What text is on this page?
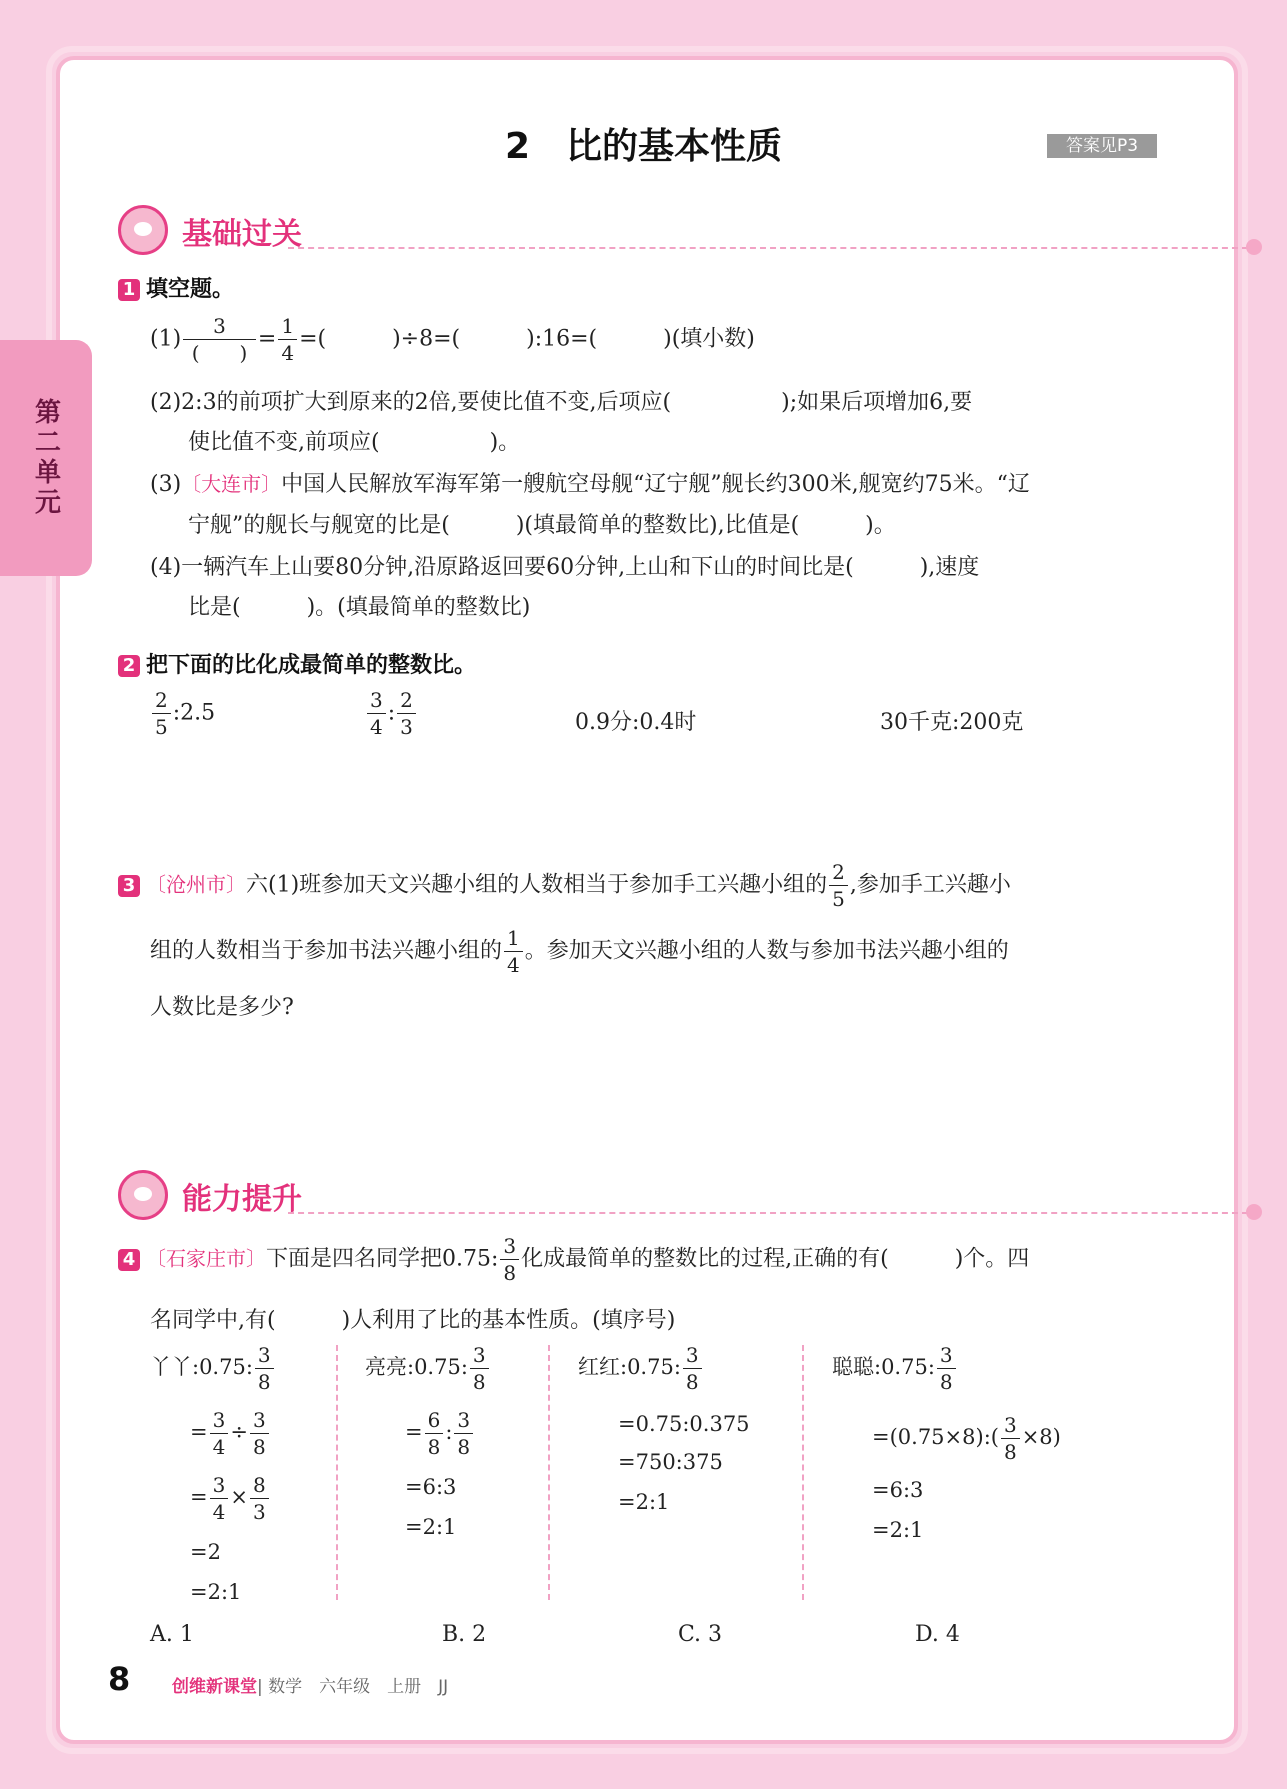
第二单元
2　比的基本性质	答案见P3
基础过关
1 填空题。
$(1) \frac{3}{( )} = \frac{1}{4}$ =(　　　)÷8=(　　　):16=(　　　)(填小数)
(2)2:3的前项扩大到原来的2倍,要使比值不变,后项应(　　　　　);如果后项增加6,要
使比值不变,前项应(　　　　　)。
(3)〔大连市〕中国人民解放军海军第一艘航空母舰“辽宁舰”舰长约300米,舰宽约75米。“辽
宁舰”的舰长与舰宽的比是(　　　)(填最简单的整数比),比值是(　　　)。
(4)一辆汽车上山要80分钟,沿原路返回要60分钟,上山和下山的时间比是(　　　),速度
比是(　　　)。(填最简单的整数比)
2 把下面的比化成最简单的整数比。
$\frac{2}{5}$ :2.5	$\frac{3}{4}$ : $\frac{2}{3}$	0.9分:0.4时	30千克:200克
3 〔沧州市〕六(1)班参加天文兴趣小组的人数相当于参加手工兴趣小组的 $\frac{2}{5}$ ,参加手工兴趣小
组的人数相当于参加书法兴趣小组的 $\frac{1}{4}$ 。参加天文兴趣小组的人数与参加书法兴趣小组的
人数比是多少?
能力提升
4 〔石家庄市〕下面是四名同学把0.75: $\frac{3}{8}$ 化成最简单的整数比的过程,正确的有(　　　)个。四
名同学中,有(　　　)人利用了比的基本性质。(填序号)
丫丫:0.75: $\frac{3}{8}$
= $\frac{3}{4} \div \frac{3}{8}$
= $\frac{3}{4} \times \frac{8}{3}$
=2
=2:1
亮亮:0.75: $\frac{3}{8}$
= $\frac{6}{8}$ : $\frac{3}{8}$
=6:3
=2:1
红红:0.75: $\frac{3}{8}$
=0.75:0.375
=750:375
=2:1
聪聪:0.75: $\frac{3}{8}$
=(0.75×8):( $\frac{3}{8} \times 8$)
=6:3
=2:1
A. 1	B. 2	C. 3	D. 4
8 创维新课堂| 数学　六年级　上册　JJ
